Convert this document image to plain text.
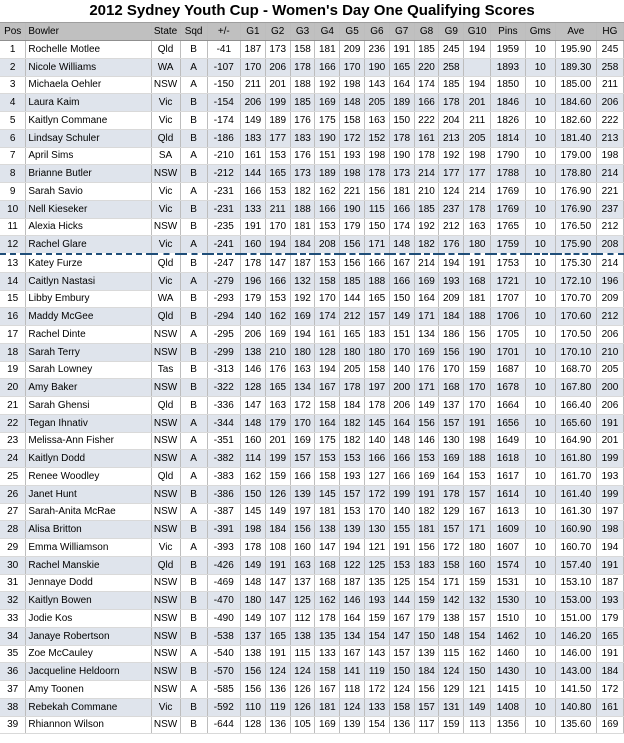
2012 Sydney Youth Cup - Women's Day One Qualifying Scores
Pos	Bowler	State	Sqd	+/-	G1	G2	G3	G4	G5	G6	G7	G8	G9	G10	Pins	Gms	Ave	HG
1	Rochelle Motlee	Qld	B	-41	187	173	158	181	209	236	191	185	245	194	1959	10	195.90	245
2	Nicole Williams	WA	A	-107	170	206	178	166	170	190	165	220	258		1893	10	189.30	258
3	Michaela Oehler	NSW	A	-150	211	201	188	192	198	143	164	174	185	194	1850	10	185.00	211
4	Laura Kaim	Vic	B	-154	206	199	185	169	148	205	189	166	178	201	1846	10	184.60	206
5	Kaitlyn Commane	Vic	B	-174	149	189	176	175	158	163	150	222	204	211	1826	10	182.60	222
6	Lindsay Schuler	Qld	B	-186	183	177	183	190	172	152	178	161	213	205	1814	10	181.40	213
7	April Sims	SA	A	-210	161	153	176	151	193	198	190	178	192	198	1790	10	179.00	198
8	Brianne Butler	NSW	B	-212	144	165	173	189	198	178	173	214	177	177	1788	10	178.80	214
9	Sarah Savio	Vic	A	-231	166	153	182	162	221	156	181	210	124	214	1769	10	176.90	221
10	Nell Kieseker	Vic	B	-231	133	211	188	166	190	115	166	185	237	178	1769	10	176.90	237
11	Alexia Hicks	NSW	B	-235	191	170	181	153	179	150	174	192	212	163	1765	10	176.50	212
12	Rachel Glare	Vic	A	-241	160	194	184	208	156	171	148	182	176	180	1759	10	175.90	208
13	Katey Furze	Qld	B	-247	178	147	187	153	156	166	167	214	194	191	1753	10	175.30	214
14	Caitlyn Nastasi	Vic	A	-279	196	166	132	158	185	188	166	169	193	168	1721	10	172.10	196
15	Libby Embury	WA	B	-293	179	153	192	170	144	165	150	164	209	181	1707	10	170.70	209
16	Maddy McGee	Qld	B	-294	140	162	169	174	212	157	149	171	184	188	1706	10	170.60	212
17	Rachel Dinte	NSW	A	-295	206	169	194	161	165	183	151	134	186	156	1705	10	170.50	206
18	Sarah Terry	NSW	B	-299	138	210	180	128	180	180	170	169	156	190	1701	10	170.10	210
19	Sarah Lowney	Tas	B	-313	146	176	163	194	205	158	140	176	170	159	1687	10	168.70	205
20	Amy Baker	NSW	B	-322	128	165	134	167	178	197	200	171	168	170	1678	10	167.80	200
21	Sarah Ghensi	Qld	B	-336	147	163	172	158	184	178	206	149	137	170	1664	10	166.40	206
22	Tegan Ihnativ	NSW	A	-344	148	179	170	164	182	145	164	156	157	191	1656	10	165.60	191
23	Melissa-Ann Fisher	NSW	A	-351	160	201	169	175	182	140	148	146	130	198	1649	10	164.90	201
24	Kaitlyn Dodd	NSW	A	-382	114	199	157	153	153	166	166	153	169	188	1618	10	161.80	199
25	Renee Woodley	Qld	A	-383	162	159	166	158	193	127	166	169	164	153	1617	10	161.70	193
26	Janet Hunt	NSW	B	-386	150	126	139	145	157	172	199	191	178	157	1614	10	161.40	199
27	Sarah-Anita McRae	NSW	A	-387	145	149	197	181	153	170	140	182	129	167	1613	10	161.30	197
28	Alisa Britton	NSW	B	-391	198	184	156	138	139	130	155	181	157	171	1609	10	160.90	198
29	Emma Williamson	Vic	A	-393	178	108	160	147	194	121	191	156	172	180	1607	10	160.70	194
30	Rachel Manskie	Qld	B	-426	149	191	163	168	122	125	153	183	158	160	1574	10	157.40	191
31	Jennaye Dodd	NSW	B	-469	148	147	137	168	187	135	125	154	171	159	1531	10	153.10	187
32	Kaitlyn Bowen	NSW	B	-470	180	147	125	162	146	193	144	159	142	132	1530	10	153.00	193
33	Jodie Kos	NSW	B	-490	149	107	112	178	164	159	167	179	138	157	1510	10	151.00	179
34	Janaye Robertson	NSW	B	-538	137	165	138	135	134	154	147	150	148	154	1462	10	146.20	165
35	Zoe McCauley	NSW	A	-540	138	191	115	133	167	143	157	139	115	162	1460	10	146.00	191
36	Jacqueline Heldoorn	NSW	B	-570	156	124	124	158	141	119	150	184	124	150	1430	10	143.00	184
37	Amy Toonen	NSW	A	-585	156	136	126	167	118	172	124	156	129	121	1415	10	141.50	172
38	Rebekah Commane	Vic	B	-592	110	119	126	181	124	133	158	157	131	149	1408	10	140.80	161
39	Rhiannon Wilson	NSW	B	-644	128	136	105	169	139	154	136	117	159	113	1356	10	135.60	169
